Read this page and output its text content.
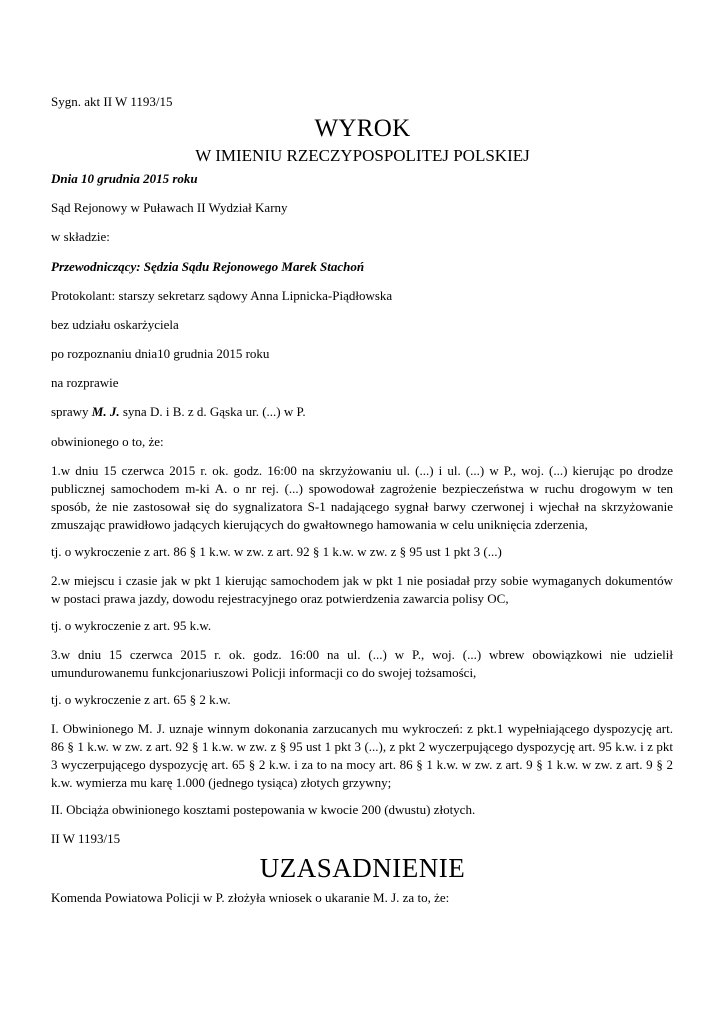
Sygn. akt II W 1193/15

WYROK
W IMIENIU RZECZYPOSPOLITEJ POLSKIEJ

Dnia 10 grudnia 2015 roku

Sąd Rejonowy w Puławach II Wydział Karny

w składzie:

Przewodniczący: Sędzia Sądu Rejonowego Marek Stachoń

Protokolant: starszy sekretarz sądowy Anna Lipnicka-Piądłowska

bez udziału oskarżyciela

po rozpoznaniu dnia10 grudnia 2015 roku

na rozprawie

sprawy M. J. syna D. i B. z d. Gąska ur. (...) w P.

obwinionego o to, że:

1.w dniu 15 czerwca 2015 r. ok. godz. 16:00 na skrzyżowaniu ul. (...) i ul. (...) w P., woj. (...) kierując po drodze publicznej samochodem m-ki A. o nr rej. (...) spowodował zagrożenie bezpieczeństwa w ruchu drogowym w ten sposób, że nie zastosował się do sygnalizatora S-1 nadającego sygnał barwy czerwonej i wjechał na skrzyżowanie zmuszając prawidłowo jadących kierujących do gwałtownego hamowania w celu uniknięcia zderzenia,

tj. o wykroczenie z art. 86 § 1 k.w. w zw. z art. 92 § 1 k.w. w zw. z § 95 ust 1 pkt 3 (...)

2.w miejscu i czasie jak w pkt 1 kierując samochodem jak w pkt 1 nie posiadał przy sobie wymaganych dokumentów w postaci prawa jazdy, dowodu rejestracyjnego oraz potwierdzenia zawarcia polisy OC,

tj. o wykroczenie z art. 95 k.w.

3.w dniu 15 czerwca 2015 r. ok. godz. 16:00 na ul. (...) w P., woj. (...) wbrew obowiązkowi nie udzielił umundurowanemu funkcjonariuszowi Policji informacji co do swojej tożsamości,

tj. o wykroczenie z art. 65 § 2 k.w.

I. Obwinionego M. J. uznaje winnym dokonania zarzucanych mu wykroczeń: z pkt.1 wypełniającego dyspozycję art. 86 § 1 k.w. w zw. z art. 92 § 1 k.w. w zw. z § 95 ust 1 pkt 3 (...), z pkt 2 wyczerpującego dyspozycję art. 95 k.w. i z pkt 3 wyczerpującego dyspozycję art. 65 § 2 k.w. i za to na mocy art. 86 § 1 k.w. w zw. z art. 9 § 1 k.w. w zw. z art. 9 § 2 k.w. wymierza mu karę 1.000 (jednego tysiąca) złotych grzywny;

II. Obciąża obwinionego kosztami postepowania w kwocie 200 (dwustu) złotych.

II W 1193/15

UZASADNIENIE

Komenda Powiatowa Policji w P. złożyła wniosek o ukaranie M. J. za to, że:
